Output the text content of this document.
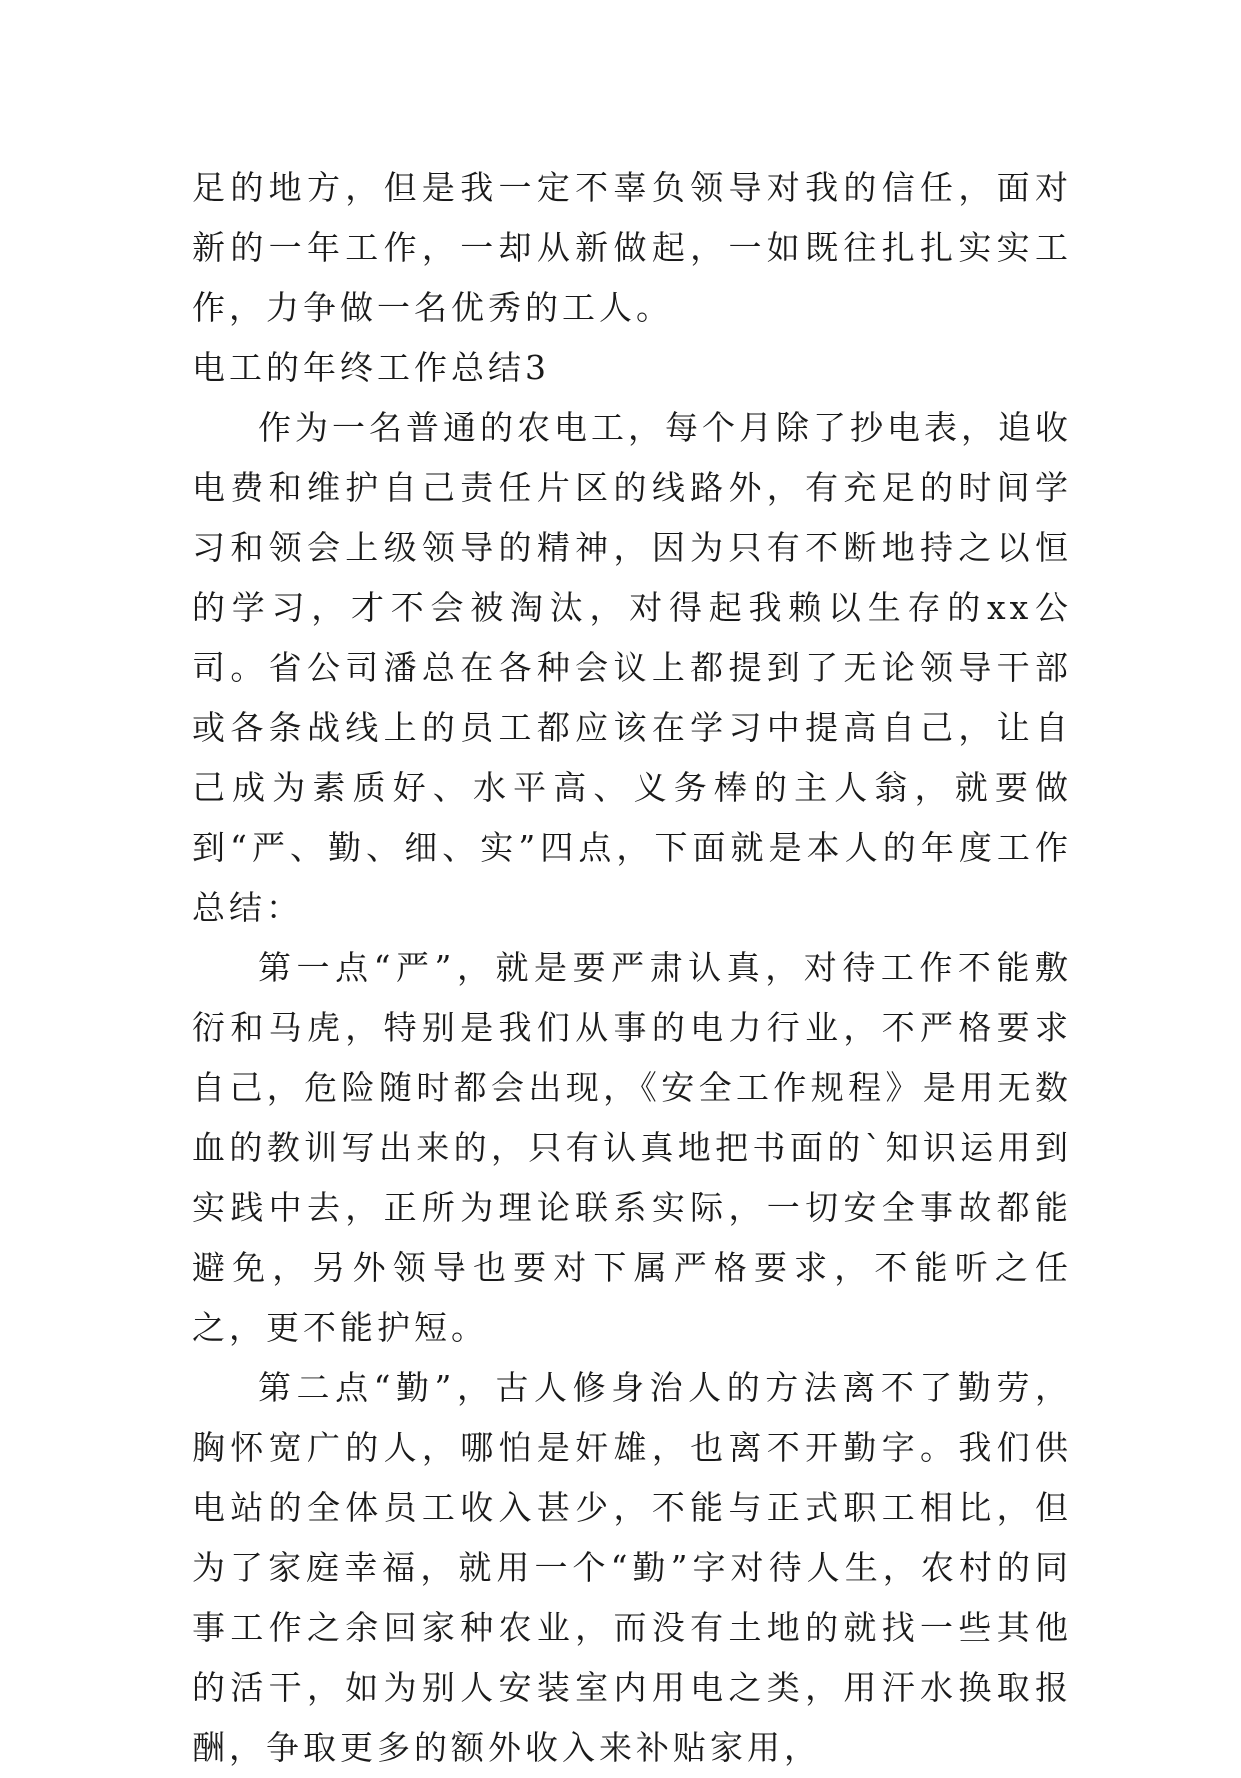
足的地方，但是我一定不辜负领导对我的信任，面对新的一年工作，一却从新做起，一如既往扎扎实实工作，力争做一名优秀的工人。

电工的年终工作总结3

作为一名普通的农电工，每个月除了抄电表，追收电费和维护自己责任片区的线路外，有充足的时间学习和领会上级领导的精神，因为只有不断地持之以恒的学习，才不会被淘汰，对得起我赖以生存的xx公司。省公司潘总在各种会议上都提到了无论领导干部或各条战线上的员工都应该在学习中提高自己，让自己成为素质好、水平高、义务棒的主人翁，就要做到“严、勤、细、实”四点，下面就是本人的年度工作总结：

第一点“严”，就是要严肃认真，对待工作不能敷衍和马虎，特别是我们从事的电力行业，不严格要求自己，危险随时都会出现，《安全工作规程》是用无数血的教训写出来的，只有认真地把书面的`知识运用到实践中去，正所为理论联系实际，一切安全事故都能避免，另外领导也要对下属严格要求，不能听之任之，更不能护短。

第二点“勤”，古人修身治人的方法离不了勤劳，胸怀宽广的人，哪怕是奸雄，也离不开勤字。我们供电站的全体员工收入甚少，不能与正式职工相比，但为了家庭幸福，就用一个“勤”字对待人生，农村的同事工作之余回家种农业，而没有土地的就找一些其他的活干，如为别人安装室内用电之类，用汗水换取报酬，争取更多的额外收入来补贴家用，
